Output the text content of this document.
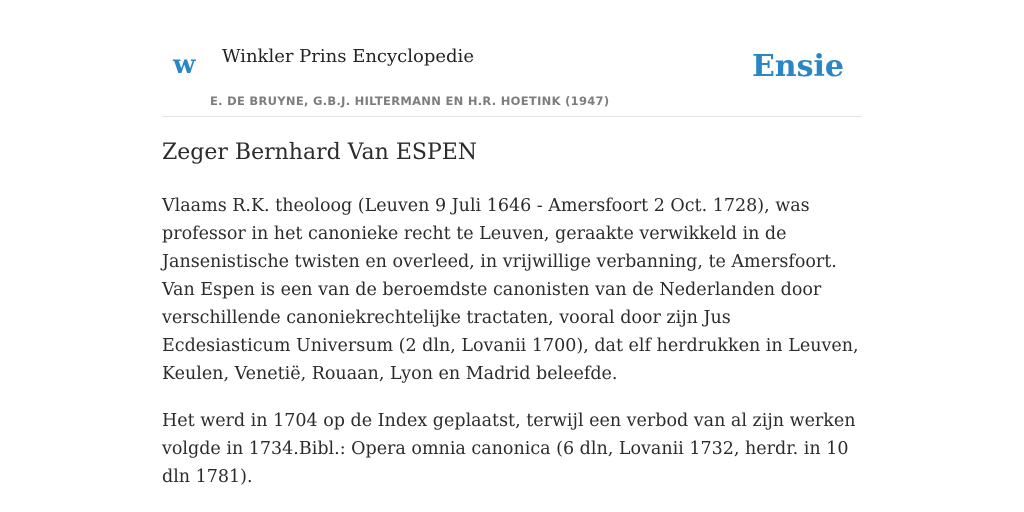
w Winkler Prins Encyclopedie
E. DE BRUYNE, G.B.J. HILTERMANN EN H.R. HOETINK (1947)
Ensie
Zeger Bernhard Van ESPEN

Vlaams R.K. theoloog (Leuven 9 Juli 1646 - Amersfoort 2 Oct. 1728), was professor in het canonieke recht te Leuven, geraakte verwikkeld in de Jansenistische twisten en overleed, in vrijwillige verbanning, te Amersfoort. Van Espen is een van de beroemdste canonisten van de Nederlanden door verschillende canoniekrechtelijke tractaten, vooral door zijn Jus Ecdesiasticum Universum (2 dln, Lovanii 1700), dat elf herdrukken in Leuven, Keulen, Venetië, Rouaan, Lyon en Madrid beleefde.

Het werd in 1704 op de Index geplaatst, terwijl een verbod van al zijn werken volgde in 1734.Bibl.: Opera omnia canonica (6 dln, Lovanii 1732, herdr. in 10 dln 1781).
